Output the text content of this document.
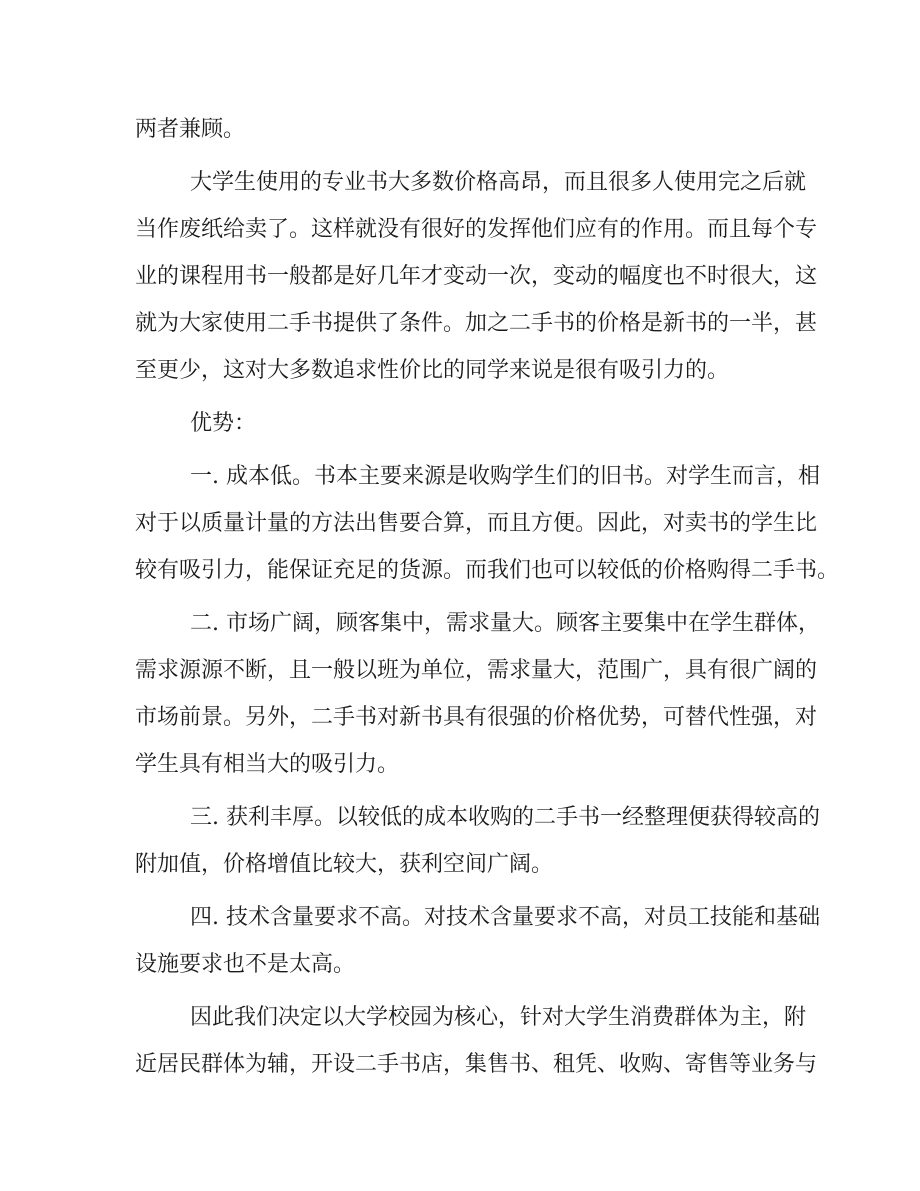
两者兼顾。
大学生使用的专业书大多数价格高昂，而且很多人使用完之后就
当作废纸给卖了。这样就没有很好的发挥他们应有的作用。而且每个专
业的课程用书一般都是好几年才变动一次，变动的幅度也不时很大，这
就为大家使用二手书提供了条件。加之二手书的价格是新书的一半，甚
至更少，这对大多数追求性价比的同学来说是很有吸引力的。
优势：
一. 成本低。书本主要来源是收购学生们的旧书。对学生而言，相
对于以质量计量的方法出售要合算，而且方便。因此，对卖书的学生比
较有吸引力，能保证充足的货源。而我们也可以较低的价格购得二手书。
二. 市场广阔，顾客集中，需求量大。顾客主要集中在学生群体，
需求源源不断，且一般以班为单位，需求量大，范围广，具有很广阔的
市场前景。另外，二手书对新书具有很强的价格优势，可替代性强，对
学生具有相当大的吸引力。
三. 获利丰厚。以较低的成本收购的二手书一经整理便获得较高的
附加值，价格增值比较大，获利空间广阔。
四. 技术含量要求不高。对技术含量要求不高，对员工技能和基础
设施要求也不是太高。
因此我们决定以大学校园为核心，针对大学生消费群体为主，附
近居民群体为辅，开设二手书店，集售书、租凭、收购、寄售等业务与
